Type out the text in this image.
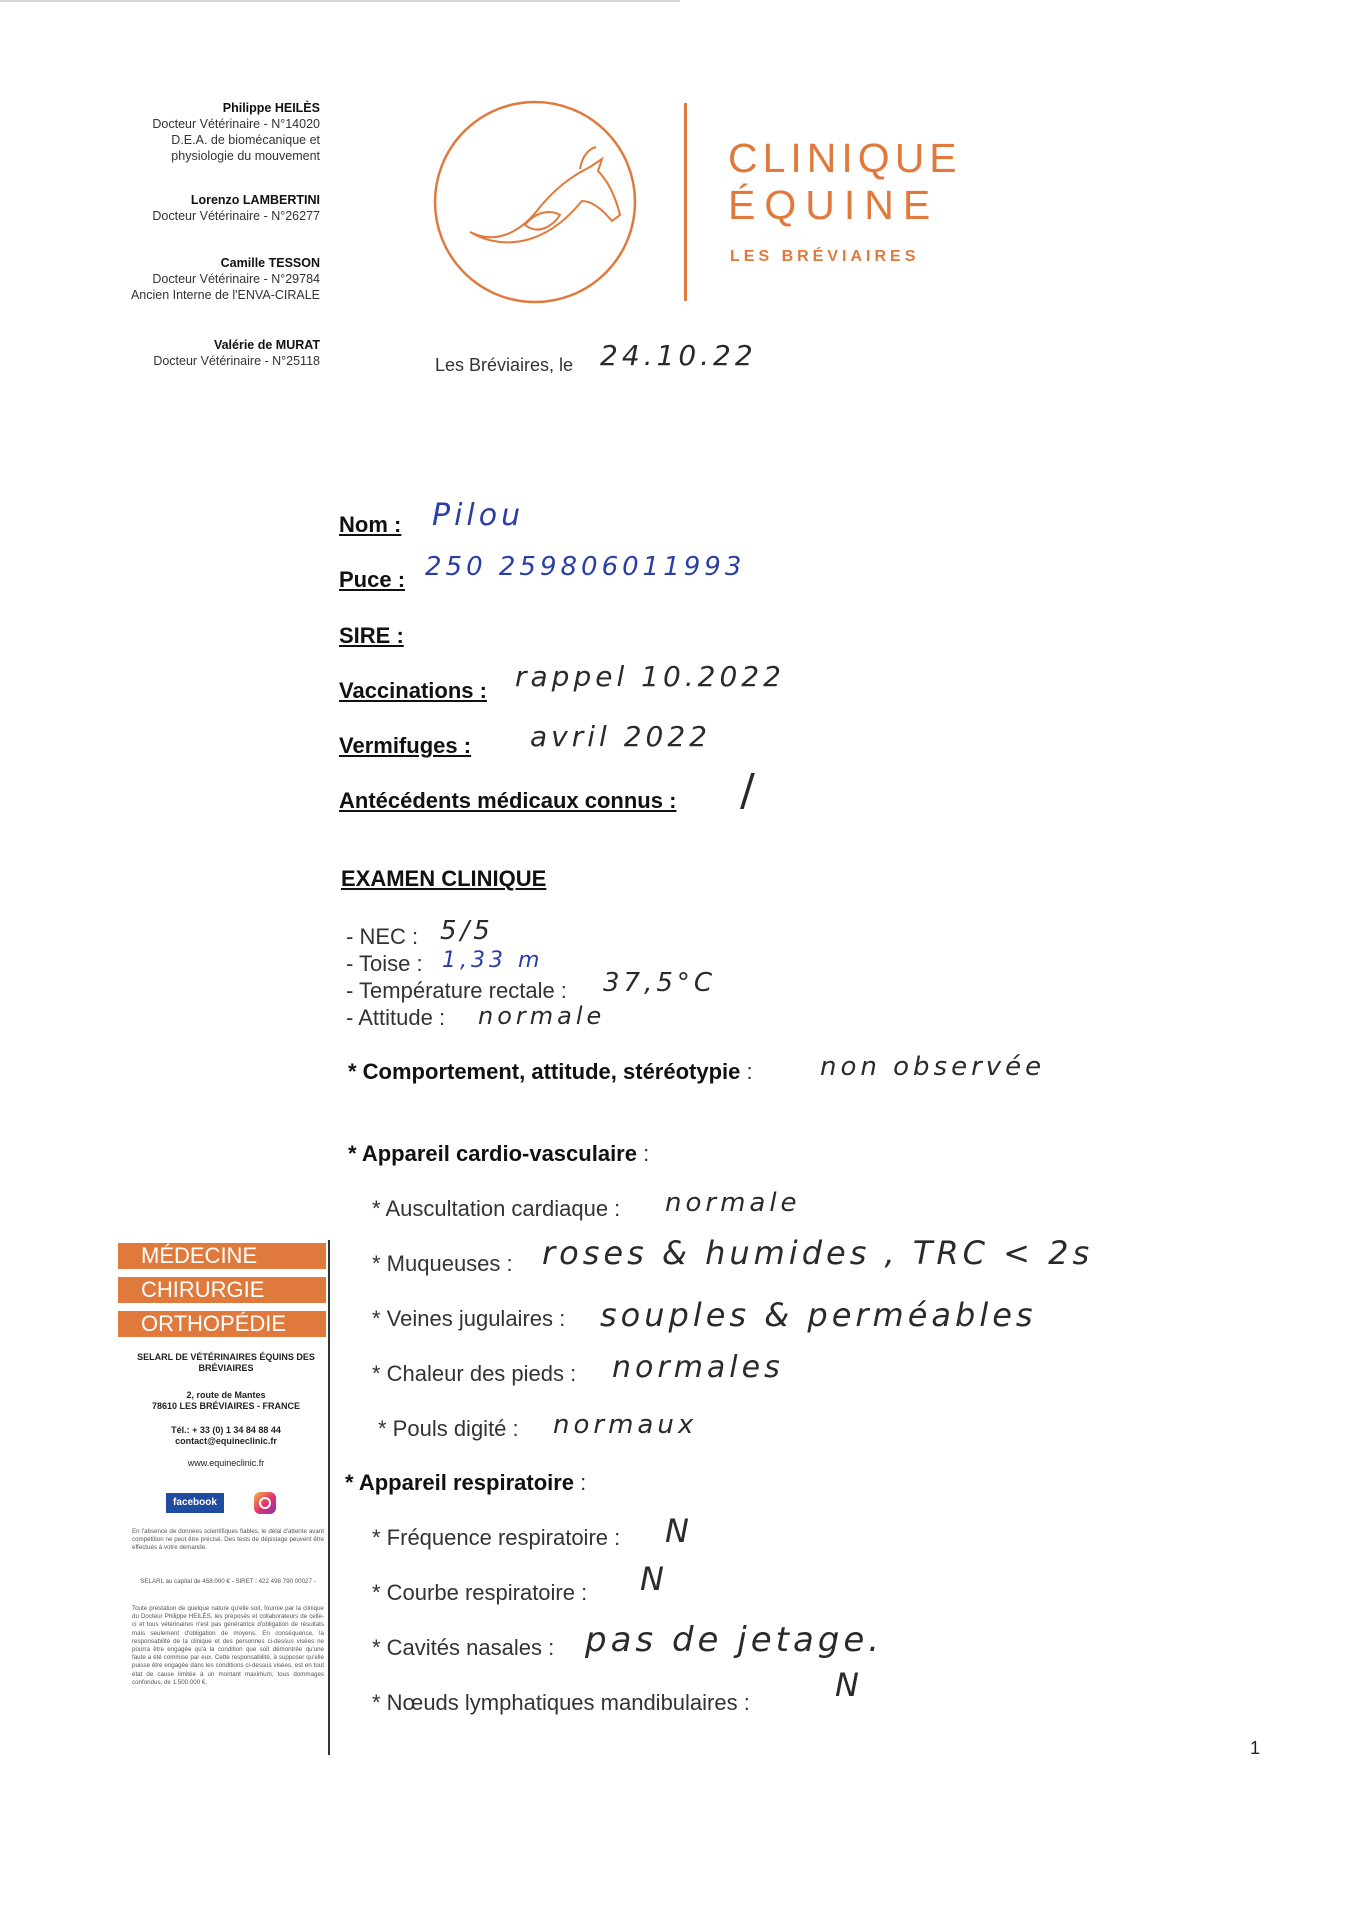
Philippe HEILÈS
Docteur Vétérinaire - N°14020
D.E.A. de biomécanique et
physiologie du mouvement
Lorenzo LAMBERTINI
Docteur Vétérinaire - N°26277
Camille TESSON
Docteur Vétérinaire - N°29784
Ancien Interne de l'ENVA-CIRALE
Valérie de MURAT
Docteur Vétérinaire - N°25118
CLINIQUE
ÉQUINE
LES BRÉVIAIRES
Les Bréviaires, le 24.10.22
Nom : Pilou
Puce : 250 259806011993
SIRE :
Vaccinations : rappel 10.2022
Vermifuges : avril 2022
Antécédents médicaux connus : /
EXAMEN CLINIQUE
- NEC : 5/5
- Toise : 1,33 m
- Température rectale : 37,5°C
- Attitude : normale
* Comportement, attitude, stéréotypie :	non observée
* Appareil cardio-vasculaire :
* Auscultation cardiaque : normale
* Muqueuses : roses & humides , TRC < 2s
* Veines jugulaires : souples & perméables
* Chaleur des pieds : normales
* Pouls digité : normaux
* Appareil respiratoire :
* Fréquence respiratoire : N
* Courbe respiratoire : N
* Cavités nasales : pas de jetage.
* Nœuds lymphatiques mandibulaires :	N
MÉDECINE
CHIRURGIE
ORTHOPÉDIE
SELARL DE VÉTÉRINAIRES ÉQUINS DES BRÉVIAIRES
2, route de Mantes
78610 LES BRÉVIAIRES - FRANCE
Tél.: + 33 (0) 1 34 84 88 44
contact@equineclinic.fr
www.equineclinic.fr
facebook
En l'absence de données scientifiques fiables, le délai d'attente avant compétition ne peut être précisé. Des tests de dépistage peuvent être effectués à votre demande.
SELARL au capital de 458.000 € - SIRET : 422 498 790 00027 -
Toute prestation de quelque nature qu'elle soit, fournie par la clinique du Docteur Philippe HEILÈS, les préposés et collaborateurs de celle-ci et tous vétérinaires n'est pas génératrice d'obligation de résultats mais seulement d'obligation de moyens. En conséquence, la responsabilité de la clinique et des personnes ci-dessus visées ne pourra être engagée qu'à la condition que soit démontrée qu'une faute a été commise par eux. Cette responsabilité, à supposer qu'elle puisse être engagée dans les conditions ci-dessus visées, est en tout état de cause limitée à un montant maximum, tous dommages confondus, de 1.500.000 €.
1
